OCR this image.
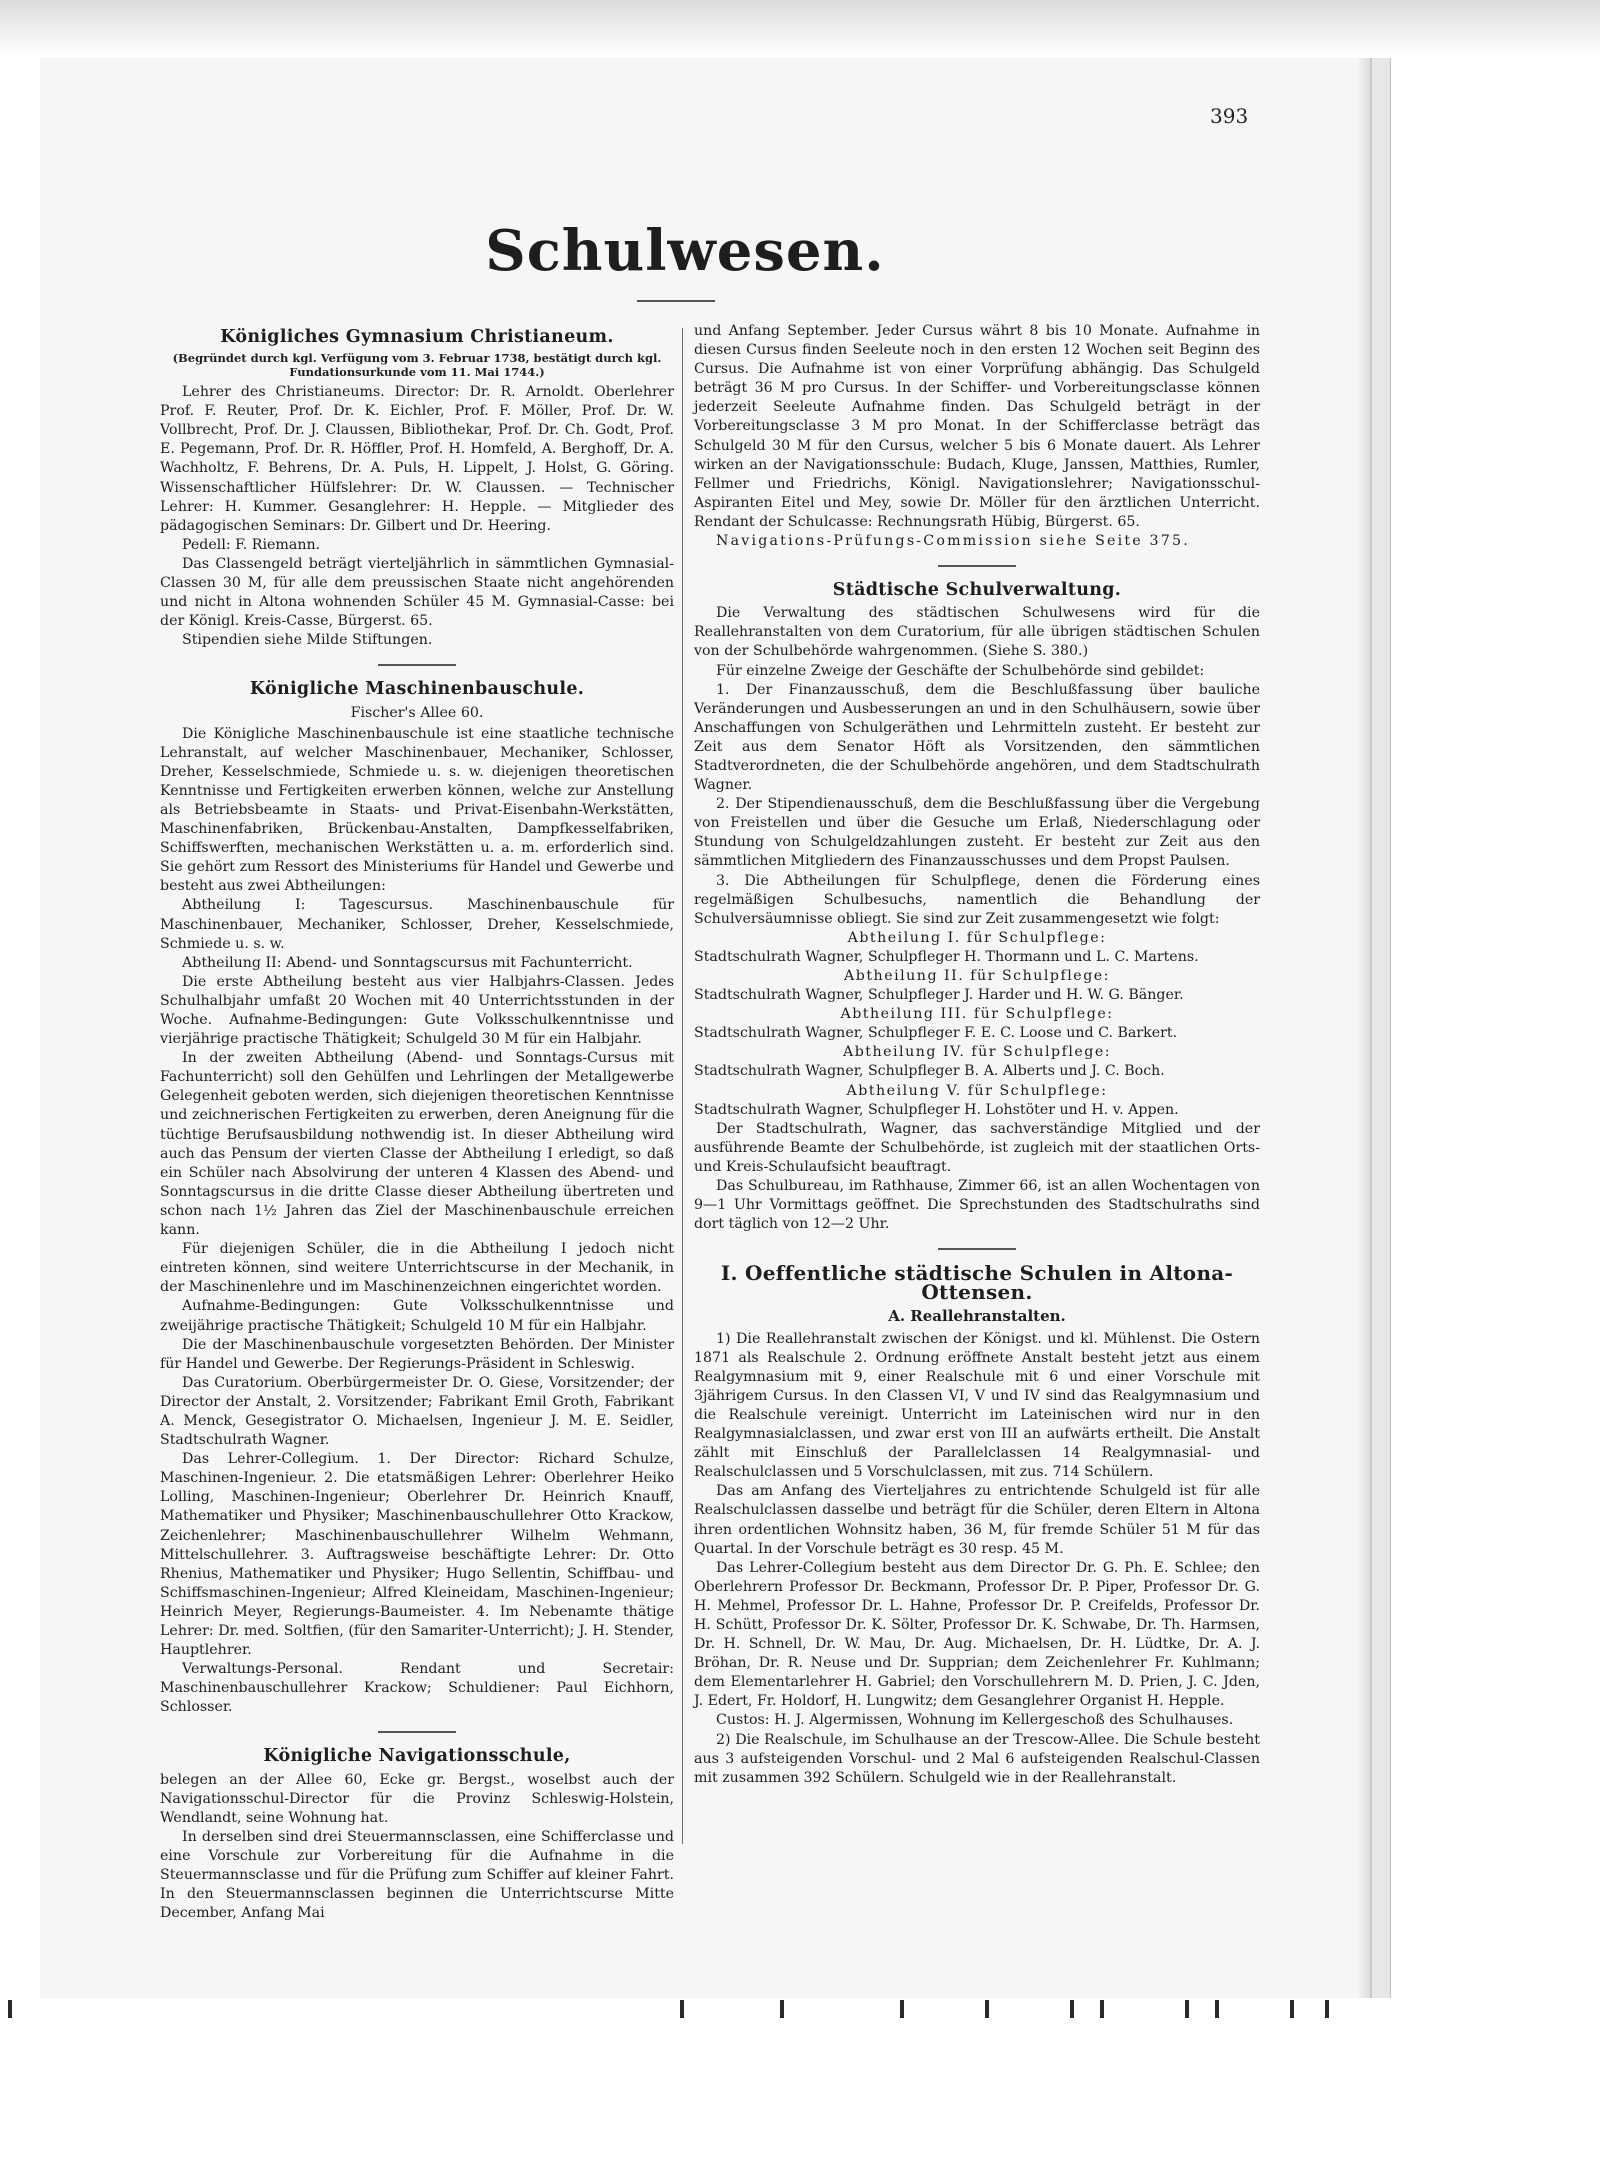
393
Schulwesen.
Königliches Gymnasium Christianeum.
(Begründet durch kgl. Verfügung vom 3. Februar 1738, bestätigt durch kgl. Fundationsurkunde vom 11. Mai 1744.)

Lehrer des Christianeums. Director: Dr. R. Arnoldt. Oberlehrer Prof. F. Reuter, Prof. Dr. K. Eichler, Prof. F. Möller, Prof. Dr. W. Vollbrecht, Prof. Dr. J. Claussen, Bibliothekar, Prof. Dr. Ch. Godt, Prof. E. Pegemann, Prof. Dr. R. Höffler, Prof. H. Homfeld, A. Berghoff, Dr. A. Wachholtz, F. Behrens, Dr. A. Puls, H. Lippelt, J. Holst, G. Göring. Wissenschaftlicher Hülfslehrer: Dr. W. Claussen. — Technischer Lehrer: H. Kummer. Gesanglehrer: H. Hepple. — Mitglieder des pädagogischen Seminars: Dr. Gilbert und Dr. Heering.

Pedell: F. Riemann.

Das Classengeld beträgt vierteljährlich in sämmtlichen Gymnasial-Classen 30 M, für alle dem preussischen Staate nicht angehörenden und nicht in Altona wohnenden Schüler 45 M. Gymnasial-Casse: bei der Königl. Kreis-Casse, Bürgerst. 65.

Stipendien siehe Milde Stiftungen.

Königliche Maschinenbauschule.
Fischer's Allee 60.

Die Königliche Maschinenbauschule ist eine staatliche technische Lehranstalt, auf welcher Maschinenbauer, Mechaniker, Schlosser, Dreher, Kesselschmiede, Schmiede u. s. w. diejenigen theoretischen Kenntnisse und Fertigkeiten erwerben können, welche zur Anstellung als Betriebsbeamte in Staats- und Privat-Eisenbahn-Werkstätten, Maschinenfabriken, Brückenbau-Anstalten, Dampfkesselfabriken, Schiffswerften, mechanischen Werkstätten u. a. m. erforderlich sind. Sie gehört zum Ressort des Ministeriums für Handel und Gewerbe und besteht aus zwei Abtheilungen:

Abtheilung I: Tagescursus. Maschinenbauschule für Maschinenbauer, Mechaniker, Schlosser, Dreher, Kesselschmiede, Schmiede u. s. w.

Abtheilung II: Abend- und Sonntagscursus mit Fachunterricht.

Die erste Abtheilung besteht aus vier Halbjahrs-Classen. Jedes Schulhalbjahr umfaßt 20 Wochen mit 40 Unterrichtsstunden in der Woche. Aufnahme-Bedingungen: Gute Volksschulkenntnisse und vierjährige practische Thätigkeit; Schulgeld 30 M für ein Halbjahr.

In der zweiten Abtheilung (Abend- und Sonntags-Cursus mit Fachunterricht) soll den Gehülfen und Lehrlingen der Metallgewerbe Gelegenheit geboten werden, sich diejenigen theoretischen Kenntnisse und zeichnerischen Fertigkeiten zu erwerben, deren Aneignung für die tüchtige Berufsausbildung nothwendig ist. In dieser Abtheilung wird auch das Pensum der vierten Classe der Abtheilung I erledigt, so daß ein Schüler nach Absolvirung der unteren 4 Klassen des Abend- und Sonntagscursus in die dritte Classe dieser Abtheilung übertreten und schon nach 1½ Jahren das Ziel der Maschinenbauschule erreichen kann.

Für diejenigen Schüler, die in die Abtheilung I jedoch nicht eintreten können, sind weitere Unterrichtscurse in der Mechanik, in der Maschinenlehre und im Maschinenzeichnen eingerichtet worden.

Aufnahme-Bedingungen: Gute Volksschulkenntnisse und zweijährige practische Thätigkeit; Schulgeld 10 M für ein Halbjahr.

Die der Maschinenbauschule vorgesetzten Behörden. Der Minister für Handel und Gewerbe. Der Regierungs-Präsident in Schleswig.

Das Curatorium. Oberbürgermeister Dr. O. Giese, Vorsitzender; der Director der Anstalt, 2. Vorsitzender; Fabrikant Emil Groth, Fabrikant A. Menck, Gesegistrator O. Michaelsen, Ingenieur J. M. E. Seidler, Stadtschulrath Wagner.

Das Lehrer-Collegium. 1. Der Director: Richard Schulze, Maschinen-Ingenieur. 2. Die etatsmäßigen Lehrer: Oberlehrer Heiko Lolling, Maschinen-Ingenieur; Oberlehrer Dr. Heinrich Knauff, Mathematiker und Physiker; Maschinenbauschullehrer Otto Krackow, Zeichenlehrer; Maschinenbauschullehrer Wilhelm Wehmann, Mittelschullehrer. 3. Auftragsweise beschäftigte Lehrer: Dr. Otto Rhenius, Mathematiker und Physiker; Hugo Sellentin, Schiffbau- und Schiffsmaschinen-Ingenieur; Alfred Kleineidam, Maschinen-Ingenieur; Heinrich Meyer, Regierungs-Baumeister. 4. Im Nebenamte thätige Lehrer: Dr. med. Soltfien, (für den Samariter-Unterricht); J. H. Stender, Hauptlehrer.

Verwaltungs-Personal. Rendant und Secretair: Maschinenbauschullehrer Krackow; Schuldiener: Paul Eichhorn, Schlosser.

Königliche Navigationsschule,

belegen an der Allee 60, Ecke gr. Bergst., woselbst auch der Navigationsschul-Director für die Provinz Schleswig-Holstein, Wendlandt, seine Wohnung hat.

In derselben sind drei Steuermannsclassen, eine Schifferclasse und eine Vorschule zur Vorbereitung für die Aufnahme in die Steuermannsclasse und für die Prüfung zum Schiffer auf kleiner Fahrt. In den Steuermannsclassen beginnen die Unterrichtscurse Mitte December, Anfang Mai

und Anfang September. Jeder Cursus währt 8 bis 10 Monate. Aufnahme in diesen Cursus finden Seeleute noch in den ersten 12 Wochen seit Beginn des Cursus. Die Aufnahme ist von einer Vorprüfung abhängig. Das Schulgeld beträgt 36 M pro Cursus. In der Schiffer- und Vorbereitungsclasse können jederzeit Seeleute Aufnahme finden. Das Schulgeld beträgt in der Vorbereitungsclasse 3 M pro Monat. In der Schifferclasse beträgt das Schulgeld 30 M für den Cursus, welcher 5 bis 6 Monate dauert. Als Lehrer wirken an der Navigationsschule: Budach, Kluge, Janssen, Matthies, Rumler, Fellmer und Friedrichs, Königl. Navigationslehrer; Navigationsschul-Aspiranten Eitel und Mey, sowie Dr. Möller für den ärztlichen Unterricht. Rendant der Schulcasse: Rechnungsrath Hübig, Bürgerst. 65.

Navigations-Prüfungs-Commission siehe Seite 375.

Städtische Schulverwaltung.

Die Verwaltung des städtischen Schulwesens wird für die Reallehranstalten von dem Curatorium, für alle übrigen städtischen Schulen von der Schulbehörde wahrgenommen. (Siehe S. 380.)

Für einzelne Zweige der Geschäfte der Schulbehörde sind gebildet:

1. Der Finanzausschuß, dem die Beschlußfassung über bauliche Veränderungen und Ausbesserungen an und in den Schulhäusern, sowie über Anschaffungen von Schulgeräthen und Lehrmitteln zusteht. Er besteht zur Zeit aus dem Senator Höft als Vorsitzenden, den sämmtlichen Stadtverordneten, die der Schulbehörde angehören, und dem Stadtschulrath Wagner.

2. Der Stipendienausschuß, dem die Beschlußfassung über die Vergebung von Freistellen und über die Gesuche um Erlaß, Niederschlagung oder Stundung von Schulgeldzahlungen zusteht. Er besteht zur Zeit aus den sämmtlichen Mitgliedern des Finanzausschusses und dem Propst Paulsen.

3. Die Abtheilungen für Schulpflege, denen die Förderung eines regelmäßigen Schulbesuchs, namentlich die Behandlung der Schulversäumnisse obliegt. Sie sind zur Zeit zusammengesetzt wie folgt:

Abtheilung I. für Schulpflege:

Stadtschulrath Wagner, Schulpfleger H. Thormann und L. C. Martens.

Abtheilung II. für Schulpflege:

Stadtschulrath Wagner, Schulpfleger J. Harder und H. W. G. Bänger.

Abtheilung III. für Schulpflege:

Stadtschulrath Wagner, Schulpfleger F. E. C. Loose und C. Barkert.

Abtheilung IV. für Schulpflege:

Stadtschulrath Wagner, Schulpfleger B. A. Alberts und J. C. Boch.

Abtheilung V. für Schulpflege:

Stadtschulrath Wagner, Schulpfleger H. Lohstöter und H. v. Appen.

Der Stadtschulrath, Wagner, das sachverständige Mitglied und der ausführende Beamte der Schulbehörde, ist zugleich mit der staatlichen Orts- und Kreis-Schulaufsicht beauftragt.

Das Schulbureau, im Rathhause, Zimmer 66, ist an allen Wochentagen von 9—1 Uhr Vormittags geöffnet. Die Sprechstunden des Stadtschulraths sind dort täglich von 12—2 Uhr.

I. Oeffentliche städtische Schulen in Altona-Ottensen.
A. Reallehranstalten.

1) Die Reallehranstalt zwischen der Königst. und kl. Mühlenst. Die Ostern 1871 als Realschule 2. Ordnung eröffnete Anstalt besteht jetzt aus einem Realgymnasium mit 9, einer Realschule mit 6 und einer Vorschule mit 3jährigem Cursus. In den Classen VI, V und IV sind das Realgymnasium und die Realschule vereinigt. Unterricht im Lateinischen wird nur in den Realgymnasialclassen, und zwar erst von III an aufwärts ertheilt. Die Anstalt zählt mit Einschluß der Parallelclassen 14 Realgymnasial- und Realschulclassen und 5 Vorschulclassen, mit zus. 714 Schülern.

Das am Anfang des Vierteljahres zu entrichtende Schulgeld ist für alle Realschulclassen dasselbe und beträgt für die Schüler, deren Eltern in Altona ihren ordentlichen Wohnsitz haben, 36 M, für fremde Schüler 51 M für das Quartal. In der Vorschule beträgt es 30 resp. 45 M.

Das Lehrer-Collegium besteht aus dem Director Dr. G. Ph. E. Schlee; den Oberlehrern Professor Dr. Beckmann, Professor Dr. P. Piper, Professor Dr. G. H. Mehmel, Professor Dr. L. Hahne, Professor Dr. P. Creifelds, Professor Dr. H. Schütt, Professor Dr. K. Sölter, Professor Dr. K. Schwabe, Dr. Th. Harmsen, Dr. H. Schnell, Dr. W. Mau, Dr. Aug. Michaelsen, Dr. H. Lüdtke, Dr. A. J. Bröhan, Dr. R. Neuse und Dr. Supprian; dem Zeichenlehrer Fr. Kuhlmann; dem Elementarlehrer H. Gabriel; den Vorschullehrern M. D. Prien, J. C. Jden, J. Edert, Fr. Holdorf, H. Lungwitz; dem Gesanglehrer Organist H. Hepple.

Custos: H. J. Algermissen, Wohnung im Kellergeschoß des Schulhauses.

2) Die Realschule, im Schulhause an der Trescow-Allee. Die Schule besteht aus 3 aufsteigenden Vorschul- und 2 Mal 6 aufsteigenden Realschul-Classen mit zusammen 392 Schülern. Schulgeld wie in der Reallehranstalt.
